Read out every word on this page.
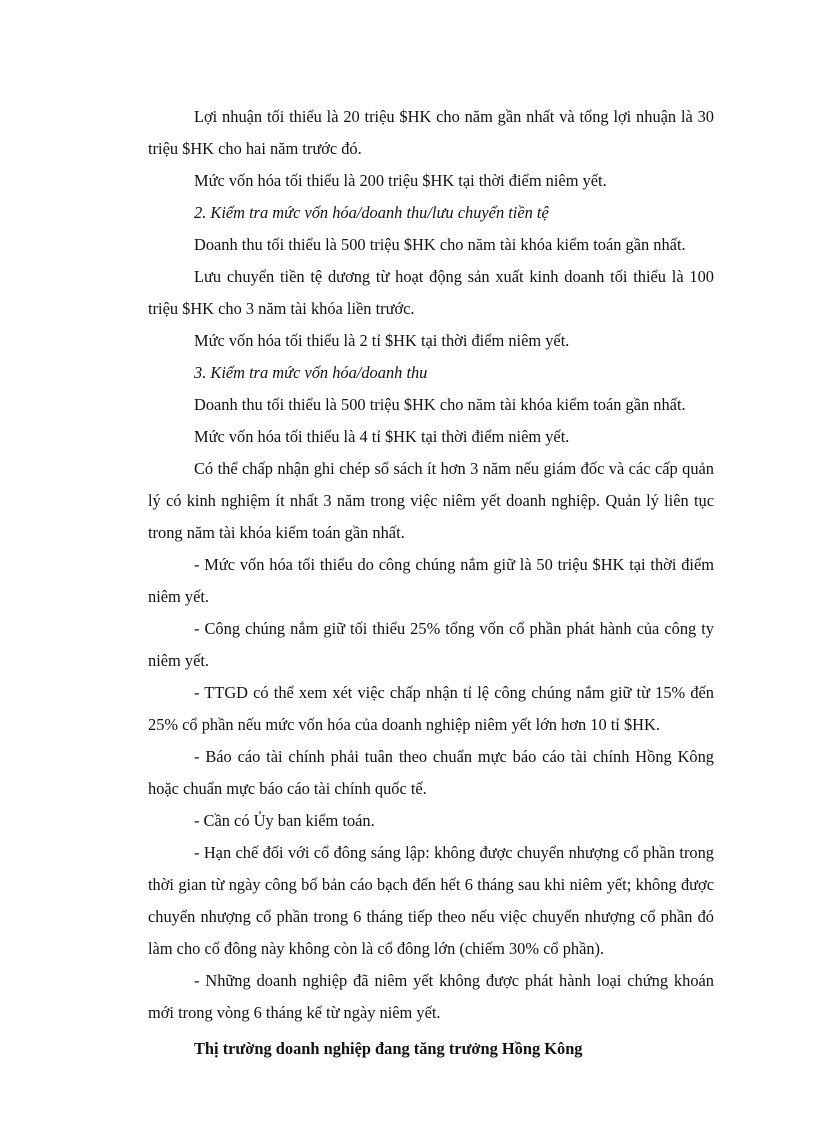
Lợi nhuận tối thiểu là 20 triệu $HK cho năm gần nhất và tổng lợi nhuận là 30 triệu $HK cho hai năm trước đó.

Mức vốn hóa tối thiểu là 200 triệu $HK tại thời điểm niêm yết.

2. Kiểm tra mức vốn hóa/doanh thu/lưu chuyển tiền tệ

Doanh thu tối thiểu là 500 triệu $HK cho năm tài khóa kiểm toán gần nhất.

Lưu chuyển tiền tệ dương từ hoạt động sản xuất kinh doanh tối thiểu là 100 triệu $HK cho 3 năm tài khóa liền trước.

Mức vốn hóa tối thiểu là 2 tỉ $HK tại thời điểm niêm yết.

3. Kiểm tra mức vốn hóa/doanh thu

Doanh thu tối thiểu là 500 triệu $HK cho năm tài khóa kiểm toán gần nhất.

Mức vốn hóa tối thiểu là 4 tỉ $HK tại thời điểm niêm yết.

Có thể chấp nhận ghi chép sổ sách ít hơn 3 năm nếu giám đốc và các cấp quản lý có kinh nghiệm ít nhất 3 năm trong việc niêm yết doanh nghiệp. Quản lý liên tục trong năm tài khóa kiểm toán gần nhất.

- Mức vốn hóa tối thiểu do công chúng nắm giữ là 50 triệu $HK tại thời điểm niêm yết.

- Công chúng nắm giữ tối thiểu 25% tổng vốn cổ phần phát hành của công ty niêm yết.

- TTGD có thể xem xét việc chấp nhận tỉ lệ công chúng nắm giữ từ 15% đến 25% cổ phần nếu mức vốn hóa của doanh nghiệp niêm yết lớn hơn 10 tỉ $HK.

- Báo cáo tài chính phải tuân theo chuẩn mực báo cáo tài chính Hồng Kông hoặc chuẩn mực báo cáo tài chính quốc tế.

- Cần có Ủy ban kiểm toán.

- Hạn chế đối với cổ đông sáng lập: không được chuyển nhượng cổ phần trong thời gian từ ngày công bố bản cáo bạch đến hết 6 tháng sau khi niêm yết; không được chuyển nhượng cổ phần trong 6 tháng tiếp theo nếu việc chuyển nhượng cổ phần đó làm cho cổ đông này không còn là cổ đông lớn (chiếm 30% cổ phần).

- Những doanh nghiệp đã niêm yết không được phát hành loại chứng khoán mới trong vòng 6 tháng kể từ ngày niêm yết.

Thị trường doanh nghiệp đang tăng trưởng Hồng Kông
